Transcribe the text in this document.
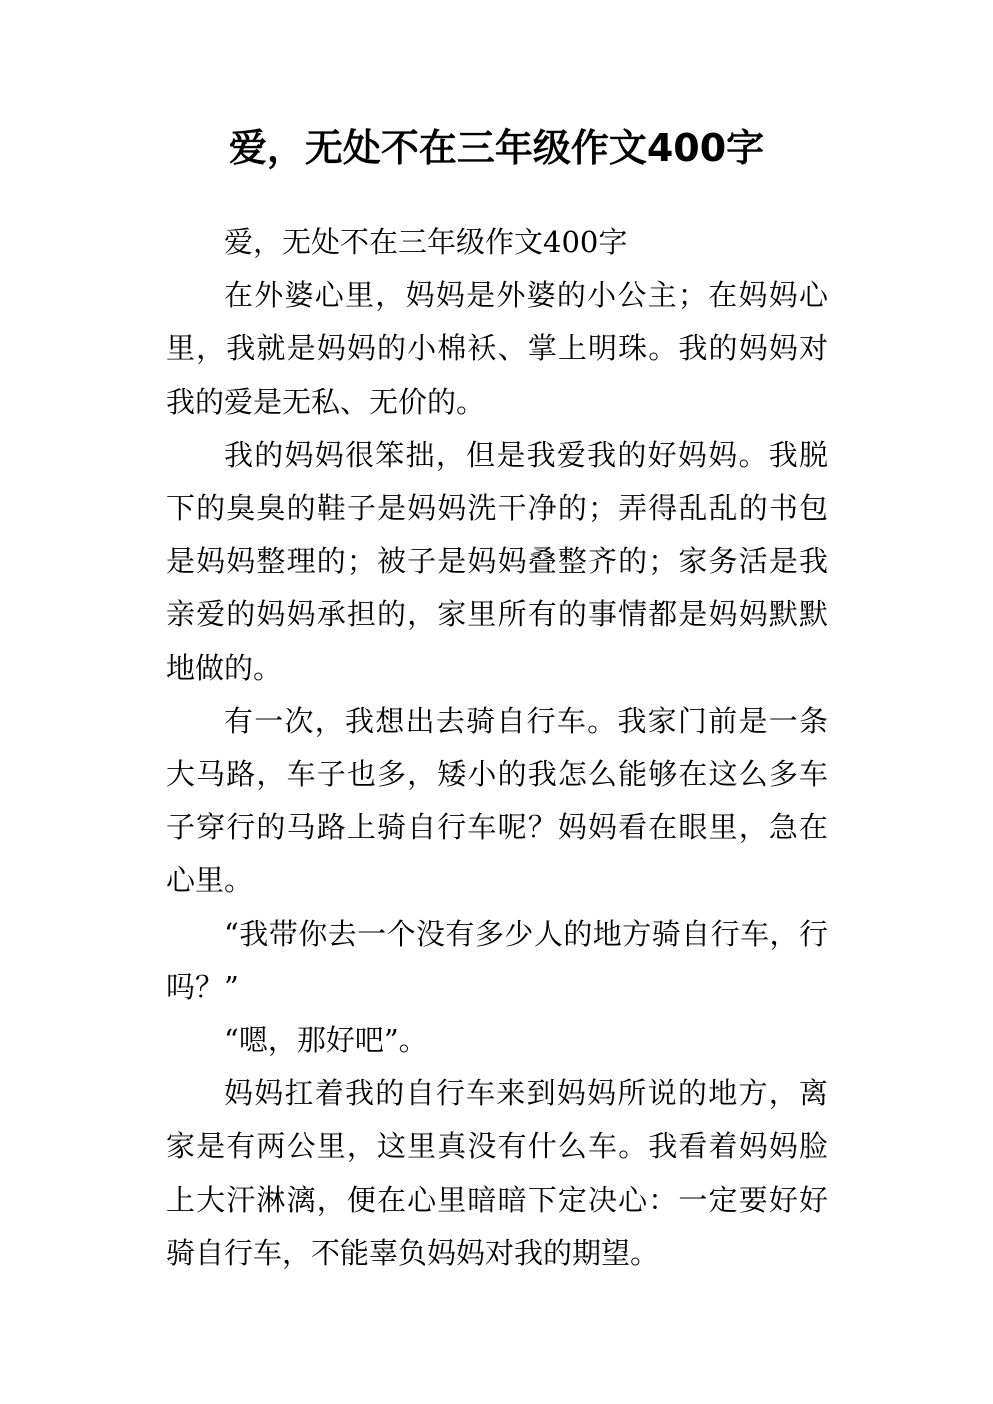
爱，无处不在三年级作文400字

爱，无处不在三年级作文400字

在外婆心里，妈妈是外婆的小公主；在妈妈心里，我就是妈妈的小棉袄、掌上明珠。我的妈妈对我的爱是无私、无价的。

我的妈妈很笨拙，但是我爱我的好妈妈。我脱下的臭臭的鞋子是妈妈洗干净的；弄得乱乱的书包是妈妈整理的；被子是妈妈叠整齐的；家务活是我亲爱的妈妈承担的，家里所有的事情都是妈妈默默地做的。

有一次，我想出去骑自行车。我家门前是一条大马路，车子也多，矮小的我怎么能够在这么多车子穿行的马路上骑自行车呢？妈妈看在眼里，急在心里。

“我带你去一个没有多少人的地方骑自行车，行吗？”

“嗯，那好吧”。

妈妈扛着我的自行车来到妈妈所说的地方，离家是有两公里，这里真没有什么车。我看着妈妈脸上大汗淋漓，便在心里暗暗下定决心：一定要好好骑自行车，不能辜负妈妈对我的期望。
